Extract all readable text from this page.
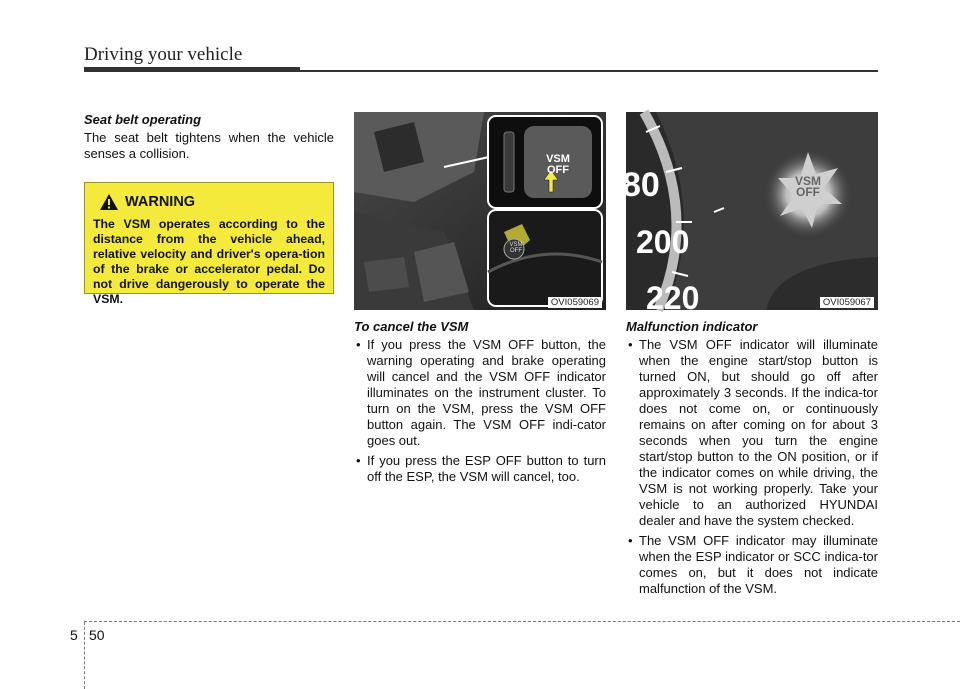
Driving your vehicle

Seat belt operating

The seat belt tightens when the vehicle senses a collision.

WARNING
The VSM operates according to the distance from the vehicle ahead, relative velocity and driver's opera-tion of the brake or accelerator pedal. Do not drive dangerously to operate the VSM.
VSM
OFF
VSM
OFF
OVI059069

To cancel the VSM

• If you press the VSM OFF button, the warning operating and brake operating will cancel and the VSM OFF indicator illuminates on the instrument cluster. To turn on the VSM, press the VSM OFF button again. The VSM OFF indi-cator goes out.
• If you press the ESP OFF button to turn off the ESP, the VSM will cancel, too.
80
200
220
VSM
OFF
OVI059067

Malfunction indicator

• The VSM OFF indicator will illuminate when the engine start/stop button is turned ON, but should go off after approximately 3 seconds. If the indica-tor does not come on, or continuously remains on after coming on for about 3 seconds when you turn the engine start/stop button to the ON position, or if the indicator comes on while driving, the VSM is not working properly. Take your vehicle to an authorized HYUNDAI dealer and have the system checked.
• The VSM OFF indicator may illuminate when the ESP indicator or SCC indica-tor comes on, but it does not indicate malfunction of the VSM.
5 50
